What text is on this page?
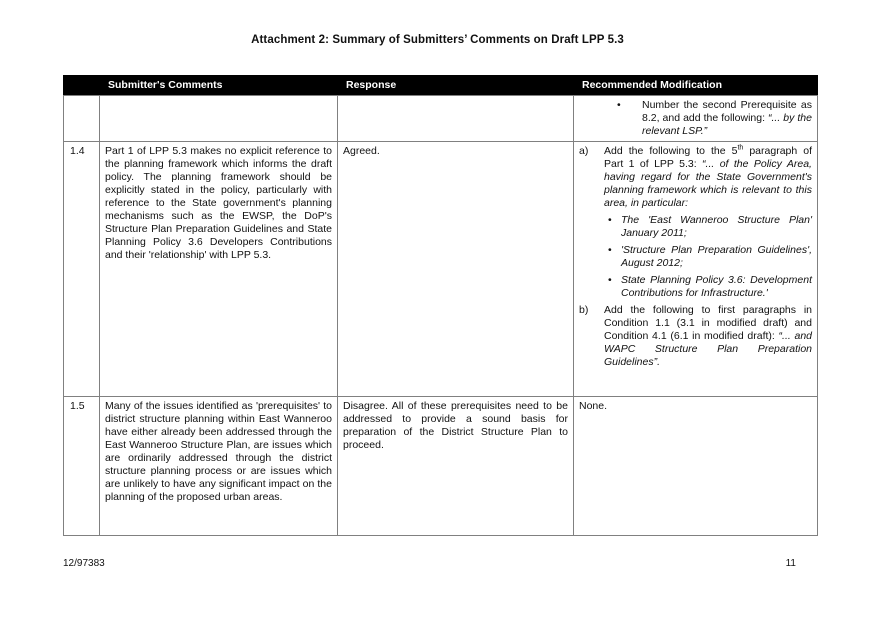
Attachment 2: Summary of Submitters’ Comments on Draft LPP 5.3
	Submitter's Comments	Response	Recommended Modification

			• Number the second Prerequisite as 8.2, and add the following: “... by the relevant LSP.”

1.4	Part 1 of LPP 5.3 makes no explicit reference to the planning framework which informs the draft policy. The planning framework should be explicitly stated in the policy, particularly with reference to the State government's planning mechanisms such as the EWSP, the DoP's Structure Plan Preparation Guidelines and State Planning Policy 3.6 Developers Contributions and their 'relationship' with LPP 5.3.	Agreed.	a)	Add the following to the 5th paragraph of Part 1 of LPP 5.3: “... of the Policy Area, having regard for the State Government's planning framework which is relevant to this area, in particular:
• The 'East Wanneroo Structure Plan' January 2011;
• 'Structure Plan Preparation Guidelines', August 2012;
• State Planning Policy 3.6: Development Contributions for Infrastructure.'
b)	Add the following to first paragraphs in Condition 1.1 (3.1 in modified draft) and Condition 4.1 (6.1 in modified draft): “... and WAPC Structure Plan Preparation Guidelines”.

1.5	Many of the issues identified as 'prerequisites' to district structure planning within East Wanneroo have either already been addressed through the East Wanneroo Structure Plan, are issues which are ordinarily addressed through the district structure planning process or are issues which are unlikely to have any significant impact on the planning of the proposed urban areas.	Disagree. All of these prerequisites need to be addressed to provide a sound basis for preparation of the District Structure Plan to proceed.	None.
12/97383	11
